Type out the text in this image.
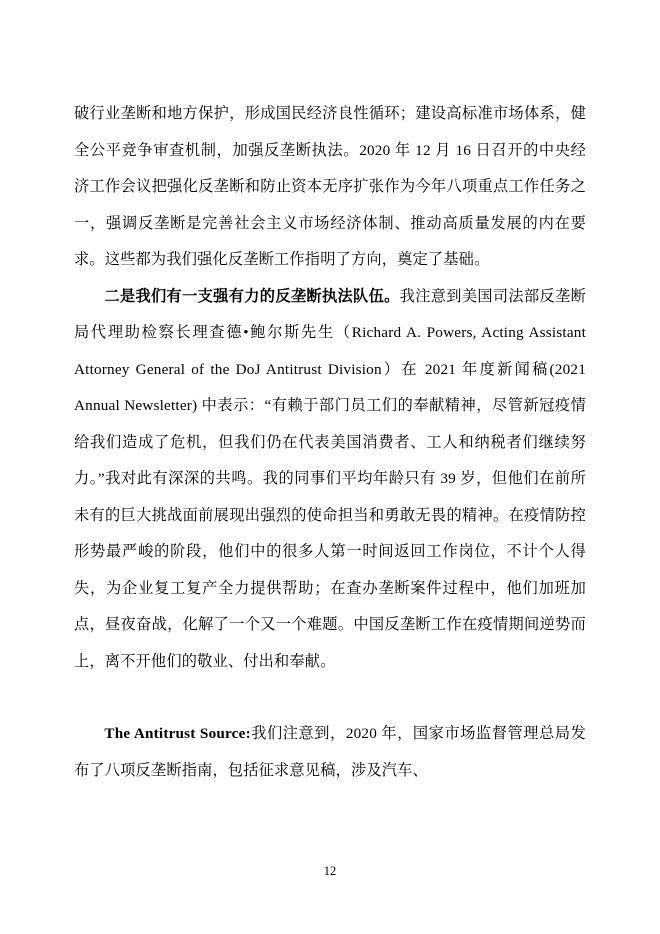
破行业垄断和地方保护，形成国民经济良性循环；建设高标准市场体系，健全公平竞争审查机制，加强反垄断执法。2020 年 12 月 16 日召开的中央经济工作会议把强化反垄断和防止资本无序扩张作为今年八项重点工作任务之一，强调反垄断是完善社会主义市场经济体制、推动高质量发展的内在要求。这些都为我们强化反垄断工作指明了方向，奠定了基础。

二是我们有一支强有力的反垄断执法队伍。我注意到美国司法部反垄断局代理助检察长理查德•鲍尔斯先生（Richard A. Powers, Acting Assistant Attorney General of the DoJ Antitrust Division）在 2021 年度新闻稿(2021 Annual Newsletter) 中表示：“有赖于部门员工们的奉献精神，尽管新冠疫情给我们造成了危机，但我们仍在代表美国消费者、工人和纳税者们继续努力。”我对此有深深的共鸣。我的同事们平均年龄只有 39 岁，但他们在前所未有的巨大挑战面前展现出强烈的使命担当和勇敢无畏的精神。在疫情防控形势最严峻的阶段，他们中的很多人第一时间返回工作岗位，不计个人得失，为企业复工复产全力提供帮助；在查办垄断案件过程中，他们加班加点，昼夜奋战，化解了一个又一个难题。中国反垄断工作在疫情期间逆势而上，离不开他们的敬业、付出和奉献。

The Antitrust Source:我们注意到，2020 年，国家市场监督管理总局发布了八项反垄断指南，包括征求意见稿，涉及汽车、

12
